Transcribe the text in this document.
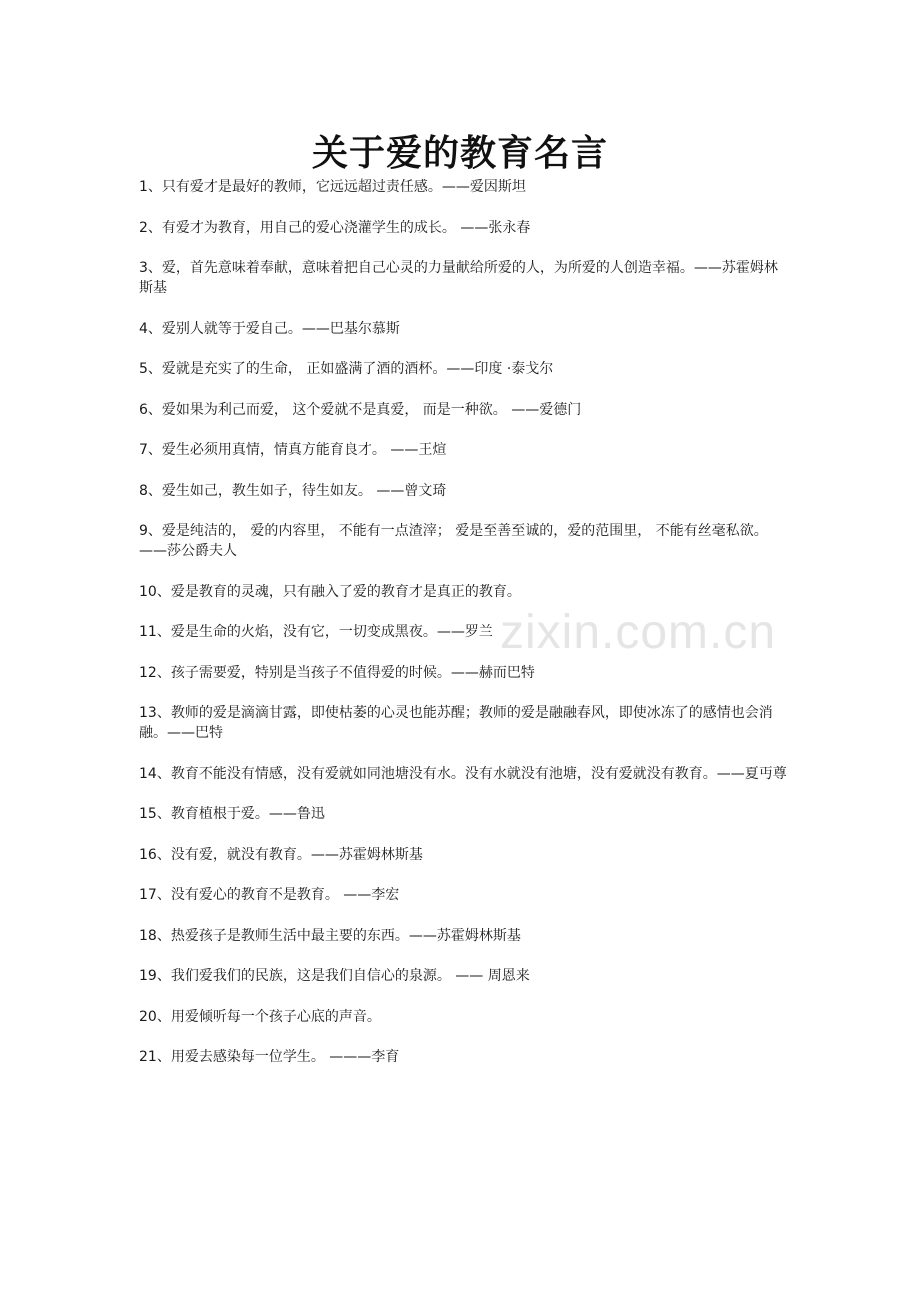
关于爱的教育名言
1、只有爱才是最好的教师，它远远超过责任感。——爱因斯坦
2、有爱才为教育，用自己的爱心浇灌学生的成长。 ——张永春
3、爱，首先意味着奉献，意味着把自己心灵的力量献给所爱的人，为所爱的人创造幸福。——苏霍姆林斯基
4、爱别人就等于爱自己。——巴基尔慕斯
5、爱就是充实了的生命， 正如盛满了酒的酒杯。——印度 ·泰戈尔
6、爱如果为利己而爱， 这个爱就不是真爱， 而是一种欲。 ——爱德门
7、爱生必须用真情，情真方能育良才。 ——王煊
8、爱生如己，教生如子，待生如友。 ——曾文琦
9、爱是纯洁的， 爱的内容里， 不能有一点渣滓； 爱是至善至诚的，爱的范围里， 不能有丝毫私欲。——莎公爵夫人
10、爱是教育的灵魂，只有融入了爱的教育才是真正的教育。
11、爱是生命的火焰，没有它，一切变成黑夜。——罗兰
12、孩子需要爱，特别是当孩子不值得爱的时候。——赫而巴特
13、教师的爱是滴滴甘露，即使枯萎的心灵也能苏醒；教师的爱是融融春风，即使冰冻了的感情也会消融。——巴特
14、教育不能没有情感，没有爱就如同池塘没有水。没有水就没有池塘，没有爱就没有教育。——夏丏尊
15、教育植根于爱。——鲁迅
16、没有爱，就没有教育。——苏霍姆林斯基
17、没有爱心的教育不是教育。 ——李宏
18、热爱孩子是教师生活中最主要的东西。——苏霍姆林斯基
19、我们爱我们的民族，这是我们自信心的泉源。 —— 周恩来
20、用爱倾听每一个孩子心底的声音。
21、用爱去感染每一位学生。 ———李育
zixin.com.cn
